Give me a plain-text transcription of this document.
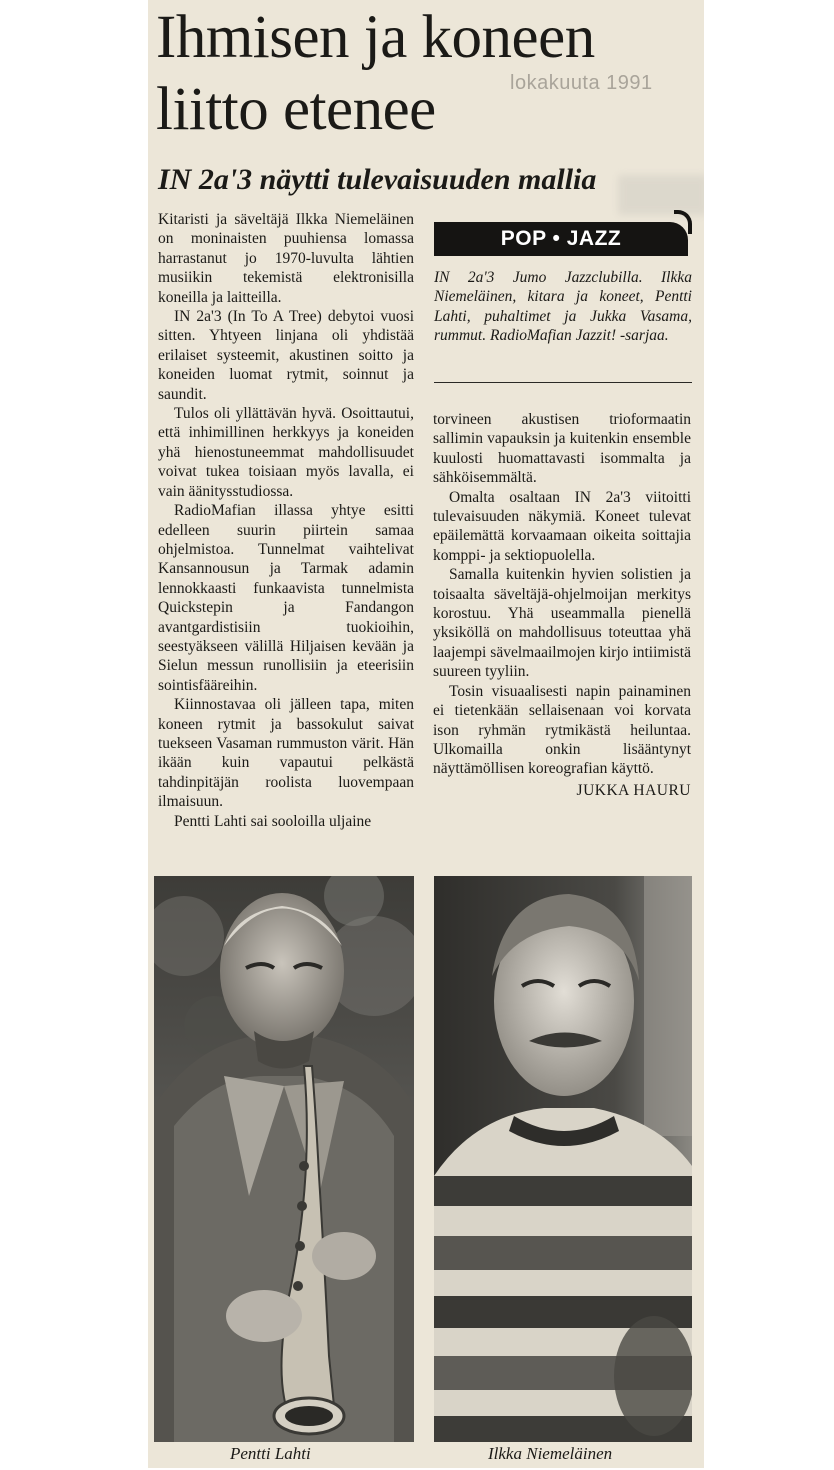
lokakuuta 1991
Ihmisen ja koneen liitto etenee
IN 2a'3 näytti tulevaisuuden mallia

Kitaristi ja säveltäjä Ilkka Niemeläinen on moninaisten puuhiensa lomassa harrastanut jo 1970-luvulta lähtien musiikin tekemistä elektronisilla koneilla ja laitteilla.

IN 2a'3 (In To A Tree) debytoi vuosi sitten. Yhtyeen linjana oli yhdistää erilaiset systeemit, akustinen soitto ja koneiden luomat rytmit, soinnut ja saundit.

Tulos oli yllättävän hyvä. Osoittautui, että inhimillinen herkkyys ja koneiden yhä hienostuneemmat mahdollisuudet voivat tukea toisiaan myös lavalla, ei vain äänitysstudiossa.

RadioMafian illassa yhtye esitti edelleen suurin piirtein samaa ohjelmistoa. Tunnelmat vaihtelivat Kansannousun ja Tarmak adamin lennokkaasti funkaavista tunnelmista Quickstepin ja Fandangon avantgardistisiin tuokioihin, seestyäkseen välillä Hiljaisen kevään ja Sielun messun runollisiin ja eteerisiin sointisfääreihin.

Kiinnostavaa oli jälleen tapa, miten koneen rytmit ja bassokulut saivat tuekseen Vasaman rummuston värit. Hän ikään kuin vapautui pelkästä tahdinpitäjän roolista luovempaan ilmaisuun.

Pentti Lahti sai sooloilla uljaine

POP • JAZZ

IN 2a'3 Jumo Jazzclubilla. Ilkka Niemeläinen, kitara ja koneet, Pentti Lahti, puhaltimet ja Jukka Vasama, rummut. RadioMafian Jazzit! -sarjaa.

torvineen akustisen trioformaatin sallimin vapauksin ja kuitenkin ensemble kuulosti huomattavasti isommalta ja sähköisemmältä.

Omalta osaltaan IN 2a'3 viitoitti tulevaisuuden näkymiä. Koneet tulevat epäilemättä korvaamaan oikeita soittajia komppi- ja sektiopuolella.

Samalla kuitenkin hyvien solistien ja toisaalta säveltäjä-ohjelmoijan merkitys korostuu. Yhä useammalla pienellä yksiköllä on mahdollisuus toteuttaa yhä laajempi sävelmaailmojen kirjo intiimistä suureen tyyliin.

Tosin visuaalisesti napin painaminen ei tietenkään sellaisenaan voi korvata ison ryhmän rytmikästä heiluntaa. Ulkomailla onkin lisääntynyt näyttämöllisen koreografian käyttö.

JUKKA HAURU

Pentti Lahti	Ilkka Niemeläinen
